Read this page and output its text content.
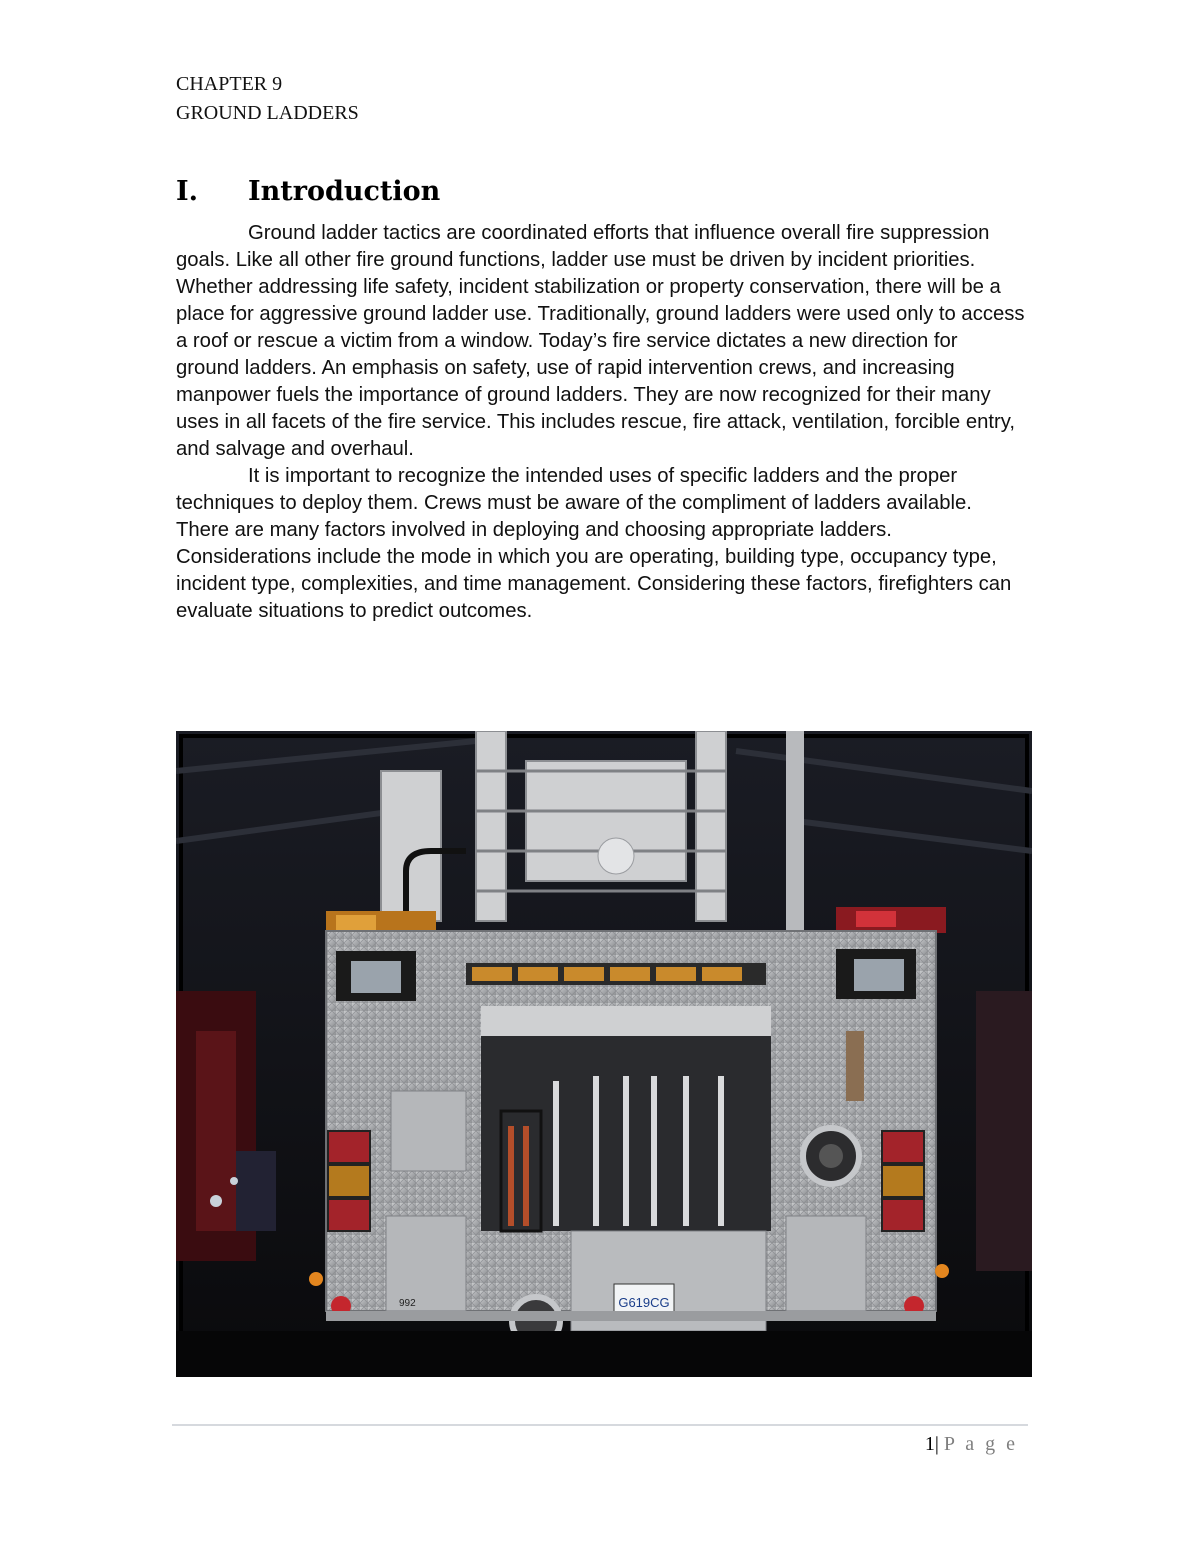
CHAPTER 9
GROUND LADDERS
I.	Introduction

Ground ladder tactics are coordinated efforts that influence overall fire suppression goals. Like all other fire ground functions, ladder use must be driven by incident priorities. Whether addressing life safety, incident stabilization or property conservation, there will be a place for aggressive ground ladder use. Traditionally, ground ladders were used only to access a roof or rescue a victim from a window. Today’s fire service dictates a new direction for ground ladders. An emphasis on safety, use of rapid intervention crews, and increasing manpower fuels the importance of ground ladders. They are now recognized for their many uses in all facets of the fire service. This includes rescue, fire attack, ventilation, forcible entry, and salvage and overhaul.

It is important to recognize the intended uses of specific ladders and the proper techniques to deploy them. Crews must be aware of the compliment of ladders available. There are many factors involved in deploying and choosing appropriate ladders. Considerations include the mode in which you are operating, building type, occupancy type, incident type, complexities, and time management. Considering these factors, firefighters can evaluate situations to predict outcomes.

G619CG
992
1| P a g e
